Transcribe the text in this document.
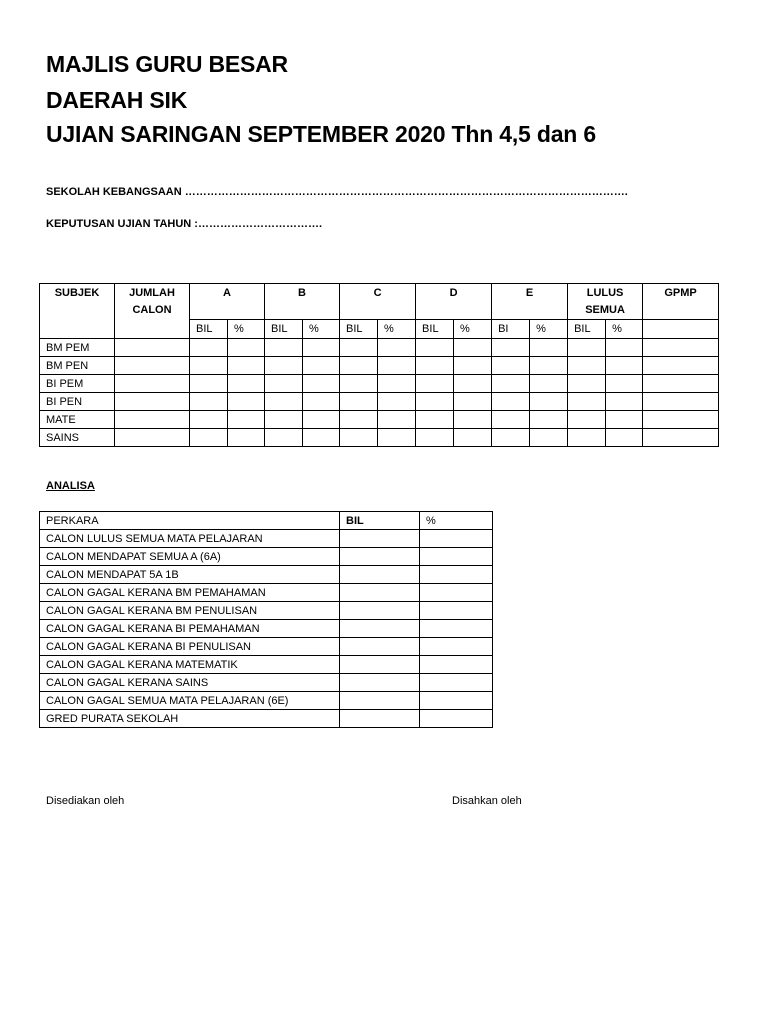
MAJLIS GURU BESAR
DAERAH SIK
UJIAN SARINGAN SEPTEMBER 2020 Thn 4,5 dan 6
SEKOLAH KEBANGSAAN ………………………………………………………………………………………………………….
KEPUTUSAN UJIAN TAHUN :…………………………….
SUBJEK	JUMLAH CALON	A		B		C		D		E		LULUS SEMUA		GPMP
		BIL	%	BIL	%	BIL	%	BIL	%	BI	%	BIL	%	
BM PEM														
BM PEN														
BI PEM														
BI PEN														
MATE														
SAINS														
ANALISA
PERKARA	BIL	%
CALON LULUS SEMUA MATA PELAJARAN		
CALON MENDAPAT SEMUA A (6A)		
CALON MENDAPAT 5A 1B		
CALON GAGAL KERANA BM PEMAHAMAN		
CALON GAGAL KERANA BM PENULISAN		
CALON GAGAL KERANA BI PEMAHAMAN		
CALON GAGAL KERANA BI PENULISAN		
CALON GAGAL KERANA MATEMATIK		
CALON GAGAL KERANA SAINS		
CALON GAGAL SEMUA MATA PELAJARAN (6E)		
GRED PURATA SEKOLAH		
Disediakan oleh	Disahkan oleh
